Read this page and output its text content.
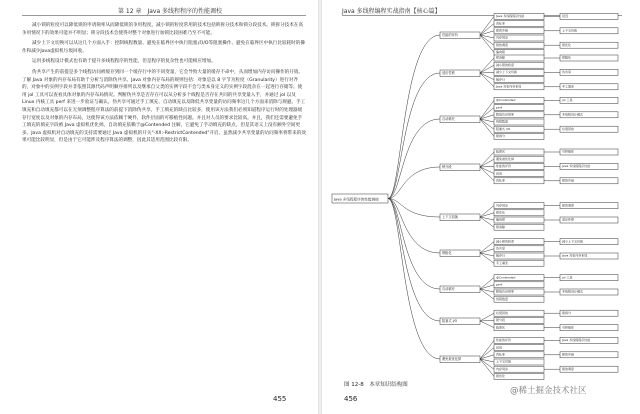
第 12 章　Java 多线程程序的性能调校

减小锁的粒度可以降低锁的申请频率从而降低锁的争用程度。减小锁的粒度常用的技术包括锁拆分技术和锁分段技术。锁拆分技术在高争用情况下的效果可能并不明显；锁分段技术会使得对整个对象进行加锁比较困难乃至不可能。

减少上下文切换可以从这几个方面入手：控制线程数量、避免在临界区中执行阻塞式I/O等阻塞操作、避免在临界区中执行比较耗时的操作和减少Java虚拟机垃圾回收。

运用多线程设计模式也有助于提升多线程程序的性能，但是程序的复杂性也可能相应增加。

伪共享产生的前提是多个线程访问被缓存到同一个缓存行中的不同变量，它会导致大量的缓存不命中，从而增加内存访问操作的开销。了解 Java 对象的内存布局有助于分析与消除伪共享。Java 对象内存布局的规则包括：对象是以 8 字节为粒度（Granularity）进行对齐的，对象中的实例字段并非依照其源代码声明顺序排列以及继承自父类的实例字段不会与类本身定义的实例字段混杂在一起进行存储等。使用 jol 工具可以查看具体对象的内存布局情况。判断伪共享是否存在可以从分析多个线程是否存在共同的共享变量入手，并通过 jol 以及 Linux 内核工具 perf 来进一步验证与确认。伪共享可通过手工填充、自动填充以及降低共享变量的访问频率这几个方面来消除与规避。手工填充和自动填充都可以在无须调整程序算法的前提下消除伪共享。手工填充的缺点比较多，使用该方法我们必须知道程序运行时的处理器缓存行宽度以及对象的内存布局，这使得该方法依赖于硬件、软件层面的可移植性问题。并且对人员的要求比较高。并且，我们还需要避免手工填充的填充字段被 Java 虚拟机优化掉。自动填充依赖于@Contended 注解，它避免了手动填充的缺点，但是其语义上没有额外空间更多。Java 虚拟机对自动填充的支持需要通过 Java 虚拟机的开关"-XX:-RestrictContended"开启。虽然减少共享变量的访问频率将带来的效果可能比较明显，但是由于它可能涉及程序算法的调整，因此其适用范围比较有限。

455
Java 多线程编程实战指南【核心篇】
Java 多线程程序的性能调校
性能的评价
Java 多线程程序性能	延迟
吞吐率
锁的开销	上下文切换
内存同步
锁的调度	锁优化
偏向锁
适应性锁
锁消除	锁粗化
减小锁的粒度
减少上下文切换	伪共享
缓存行
Java 对象内存布局	手工填充
自动填充
@Contended	jol 工具
perf
降低访问频率	多线程设计模式
线程数量
阻塞式 I/O	垃圾回收
锁拆分
锁分段
临界区	可移植性
避免被优化掉
性能的评价	Java 多线程程序性能
延迟
吞吐率	锁的开销
上下文切换
内存同步	锁的调度
锁优化
偏向锁	适应性锁
锁消除
锁粗化
减小锁的粒度	减少上下文切换
伪共享
缓存行	Java 对象内存布局
手工填充
自动填充
@Contended	jol 工具
perf
降低访问频率	多线程设计模式
线程数量
阻塞式 I/O
垃圾回收	锁拆分
锁分段
临界区	可移植性
避免被优化掉
性能的评价	Java 多线程程序性能
延迟
吞吐率	锁的开销
上下文切换
内存同步	锁的调度
锁优化
图 12-8　本章知识结构图
456
@稀土掘金技术社区
